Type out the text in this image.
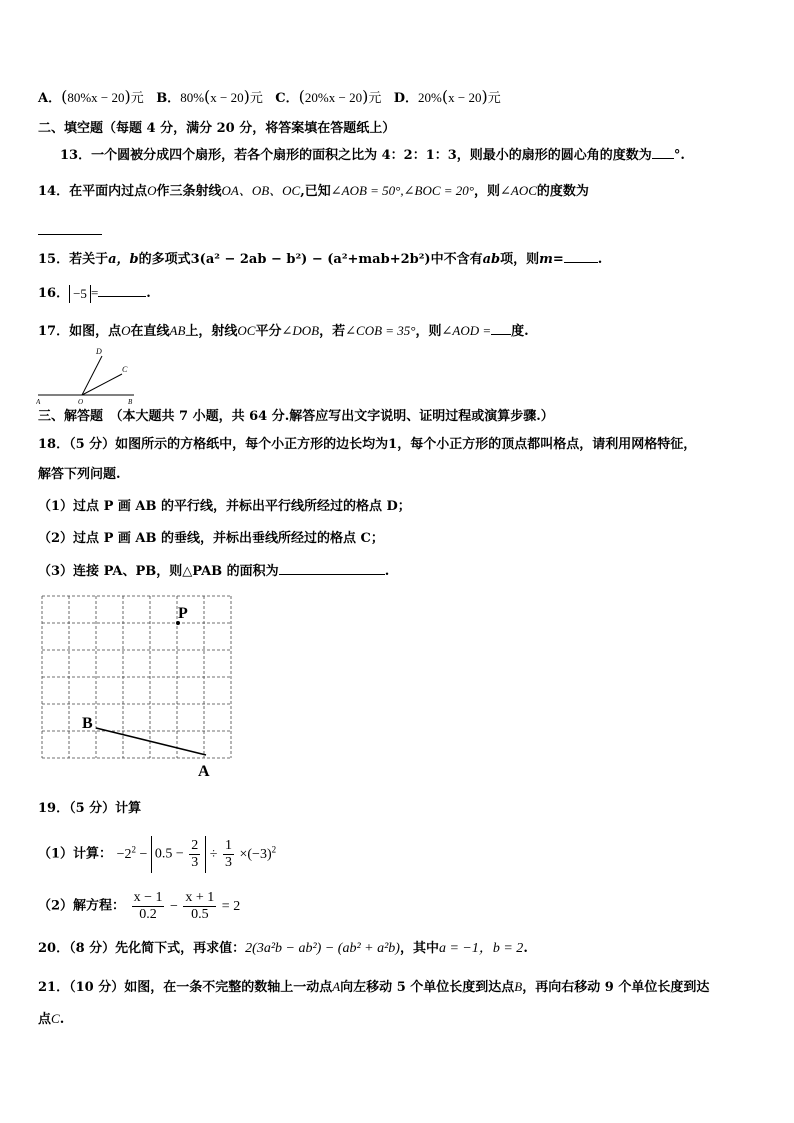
A．(80%x − 20)元 B．80%(x − 20)元 C．(20%x − 20)元 D．20%(x − 20)元
二、填空题（每题 4 分，满分 20 分，将答案填在答题纸上）
13．一个圆被分成四个扇形，若各个扇形的面积之比为 4：2：1：3，则最小的扇形的圆心角的度数为 °.
14．在平面内过点O作三条射线OA、OB、OC,已知∠AOB = 50°,∠BOC = 20°，则∠AOC的度数为
15．若关于a，b的多项式3(a² − 2ab − b²) − (a²+mab+2b²)中不含有ab项，则m=	.
16． −5 =	.
17．如图，点O在直线AB上，射线OC平分∠DOB，若∠COB = 35°，则∠AOD = 度.
D
C
A	O	B
三、解答题　（本大题共 7 小题，共 64 分.解答应写出文字说明、证明过程或演算步骤.）
18．（5 分）如图所示的方格纸中，每个小正方形的边长均为1，每个小正方形的顶点都叫格点，请利用网格特征，
解答下列问题.
（1）过点 P 画 AB 的平行线，并标出平行线所经过的格点 D；
（2）过点 P 画 AB 的垂线，并标出垂线所经过的格点 C；
（3）连接 PA、PB，则△PAB 的面积为	.
P
B
A
19．（5 分）计算
（1）计算： $-2^2 - 0.5 - \frac{2}{3} \div \frac{1}{3} \times(-3)^2$
（2）解方程： $\frac{x - 1}{0.2} - \frac{x + 1}{0.5} = 2$
20．（8 分）先化简下式，再求值：2(3a²b − ab²) − (ab² + a²b)，其中a = −1，b = 2.
21．（10 分）如图，在一条不完整的数轴上一动点A向左移动 5 个单位长度到达点B，再向右移动 9 个单位长度到达
点C.
